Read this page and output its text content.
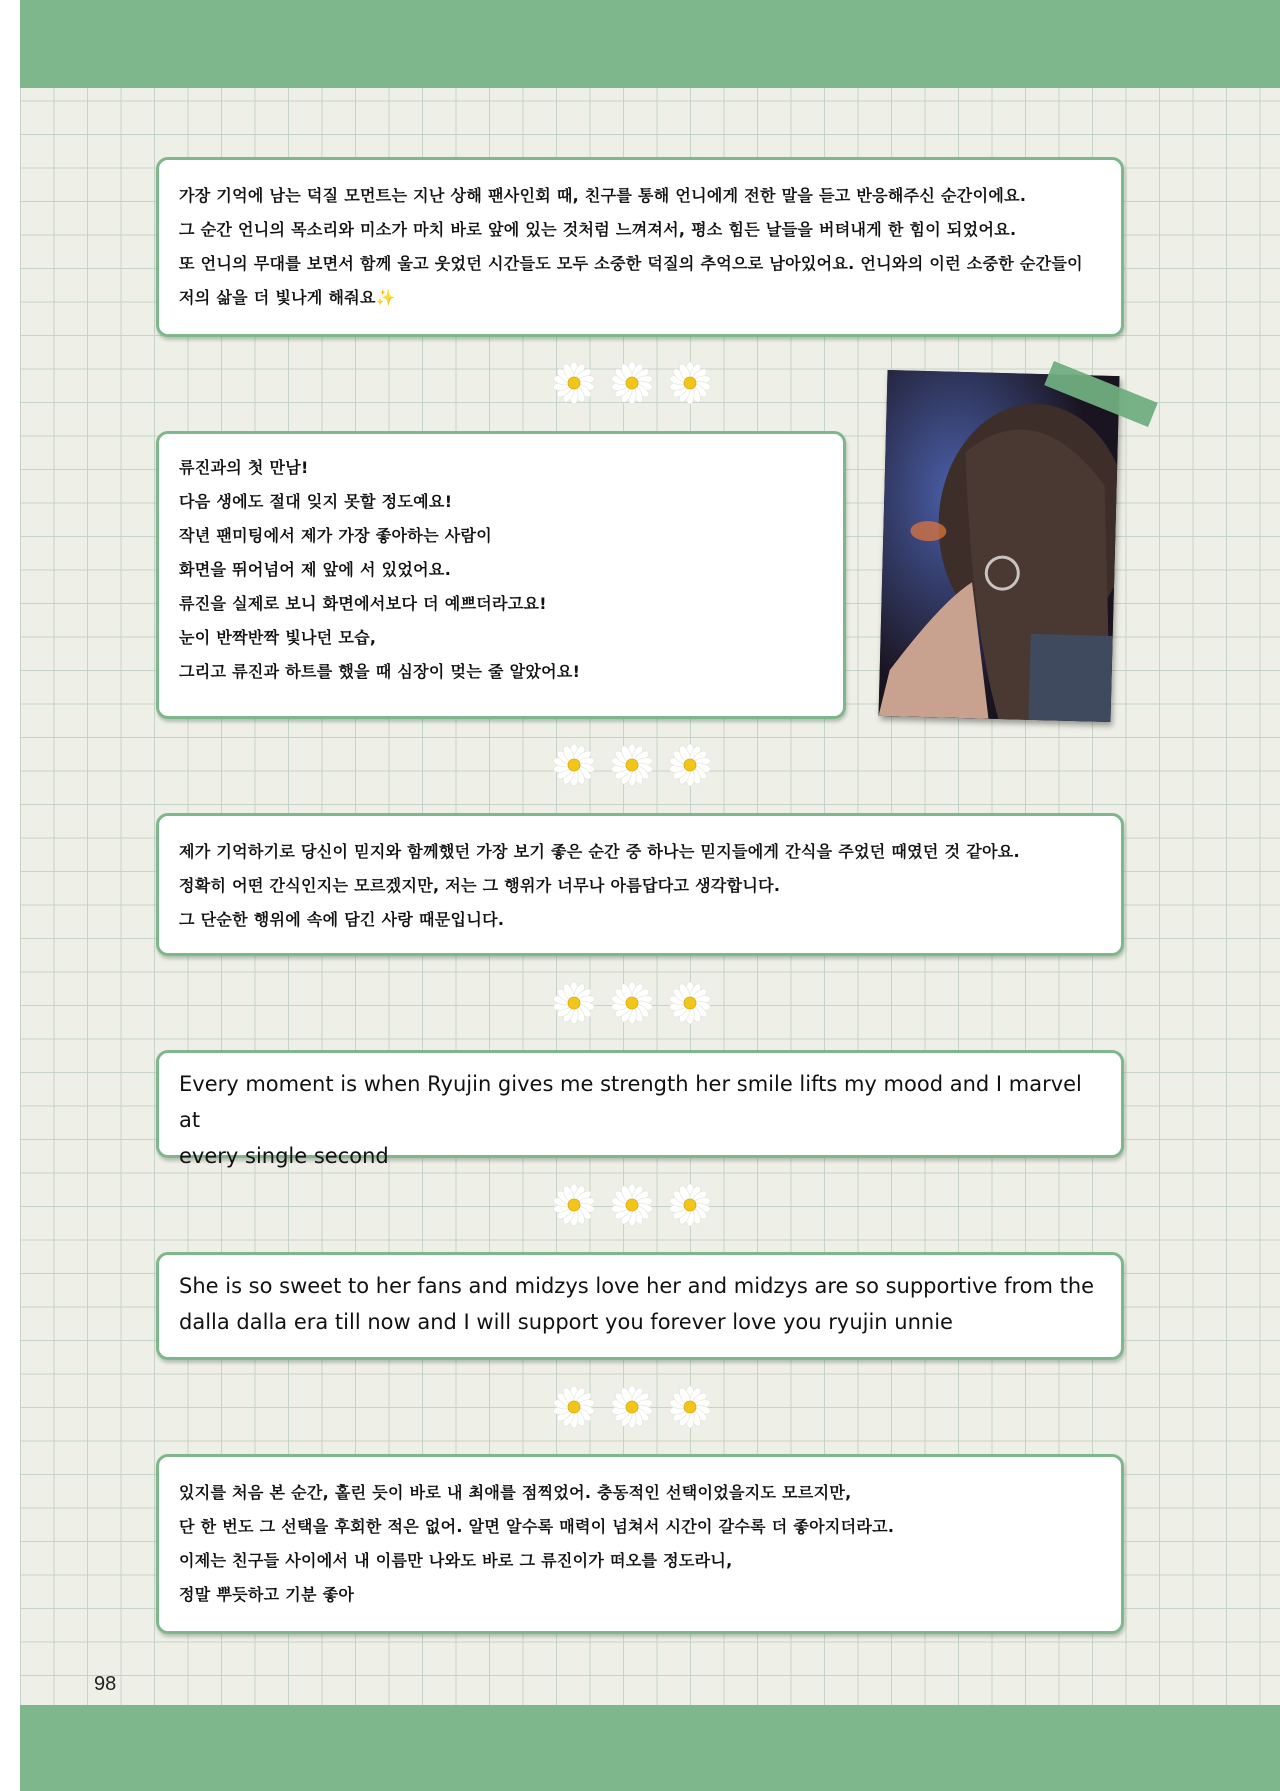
가장 기억에 남는 덕질 모먼트는 지난 상해 팬사인회 때, 친구를 통해 언니에게 전한 말을 듣고 반응해주신 순간이에요.

그 순간 언니의 목소리와 미소가 마치 바로 앞에 있는 것처럼 느껴져서, 평소 힘든 날들을 버텨내게 한 힘이 되었어요.

또 언니의 무대를 보면서 함께 울고 웃었던 시간들도 모두 소중한 덕질의 추억으로 남아있어요. 언니와의 이런 소중한 순간들이

저의 삶을 더 빛나게 해줘요✨

류진과의 첫 만남!

다음 생에도 절대 잊지 못할 정도예요!

작년 팬미팅에서 제가 가장 좋아하는 사람이

화면을 뛰어넘어 제 앞에 서 있었어요.

류진을 실제로 보니 화면에서보다 더 예쁘더라고요!

눈이 반짝반짝 빛나던 모습,

그리고 류진과 하트를 했을 때 심장이 멎는 줄 알았어요!

제가 기억하기로 당신이 믿지와 함께했던 가장 보기 좋은 순간 중 하나는 믿지들에게 간식을 주었던 때였던 것 같아요.

정확히 어떤 간식인지는 모르겠지만, 저는 그 행위가 너무나 아름답다고 생각합니다.

그 단순한 행위에 속에 담긴 사랑 때문입니다.

Every moment is when Ryujin gives me strength her smile lifts my mood and I marvel at

every single second

She is so sweet to her fans and midzys love her and midzys are so supportive from the

dalla dalla era till now and I will support you forever love you ryujin unnie

있지를 처음 본 순간, 홀린 듯이 바로 내 최애를 점찍었어. 충동적인 선택이었을지도 모르지만,

단 한 번도 그 선택을 후회한 적은 없어. 알면 알수록 매력이 넘쳐서 시간이 갈수록 더 좋아지더라고.

이제는 친구들 사이에서 내 이름만 나와도 바로 그 류진이가 떠오를 정도라니,

정말 뿌듯하고 기분 좋아

98
